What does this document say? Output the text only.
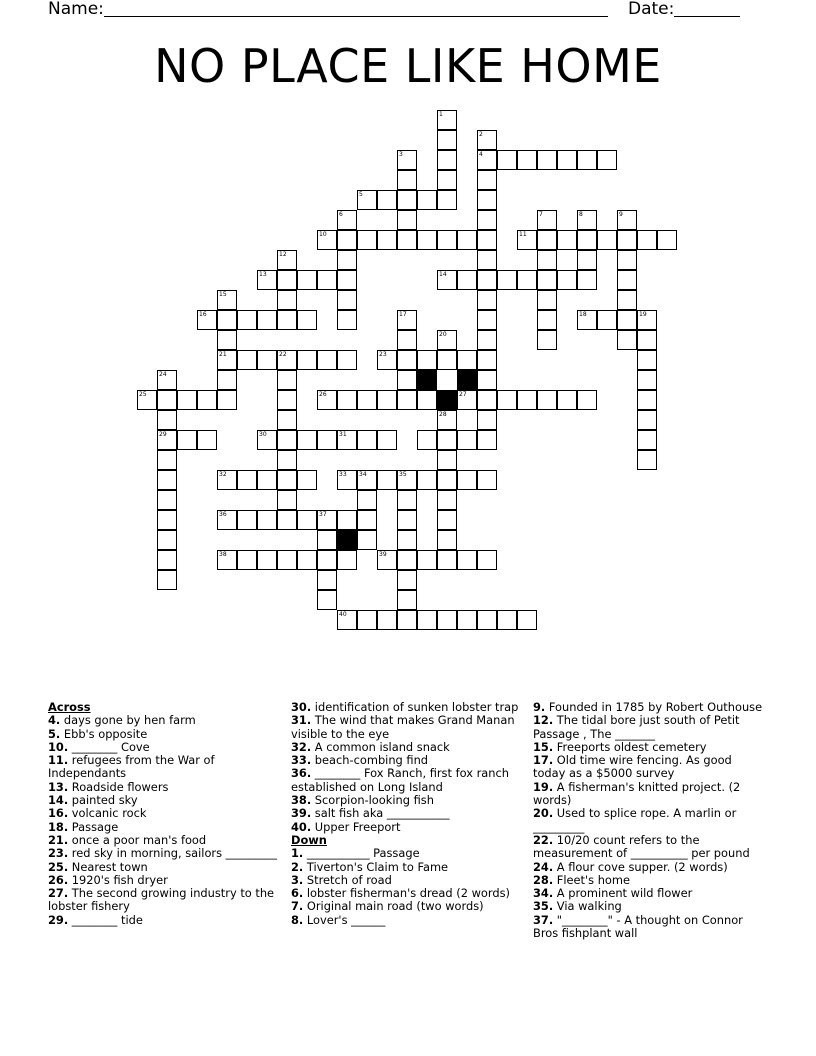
Name:	Date:
NO PLACE LIKE HOME
1
2
4
3
5
6
10	11
7	8	9
12
13	14
15
16	17	18	19
20
21	22	23
24
25	26	27
28
29	30	31
32	33 34	35
36	37
38	39
40
Across
4. days gone by hen farm
5. Ebb's opposite
10. ________ Cove
11. refugees from the War of Independants
13. Roadside flowers
14. painted sky
16. volcanic rock
18. Passage
21. once a poor man's food
23. red sky in morning, sailors _________
25. Nearest town
26. 1920's fish dryer
27. The second growing industry to the lobster fishery
29. ________ tide
30. identification of sunken lobster trap
31. The wind that makes Grand Manan visible to the eye
32. A common island snack
33. beach-combing find
36. ________ Fox Ranch, first fox ranch established on Long Island
38. Scorpion-looking fish
39. salt fish aka ___________
40. Upper Freeport
Down
1. ___________ Passage
2. Tiverton's Claim to Fame
3. Stretch of road
6. lobster fisherman's dread (2 words)
7. Original main road (two words)
8. Lover's ______
9. Founded in 1785 by Robert Outhouse
12. The tidal bore just south of Petit Passage , The _______
15. Freeports oldest cemetery
17. Old time wire fencing. As good today as a $5000 survey
19. A fisherman's knitted project. (2 words)
20. Used to splice rope. A marlin or _________
22. 10/20 count refers to the measurement of __________ per pound
24. A flour cove supper. (2 words)
28. Fleet's home
34. A prominent wild flower
35. Via walking
37. "________" - A thought on Connor Bros fishplant wall
